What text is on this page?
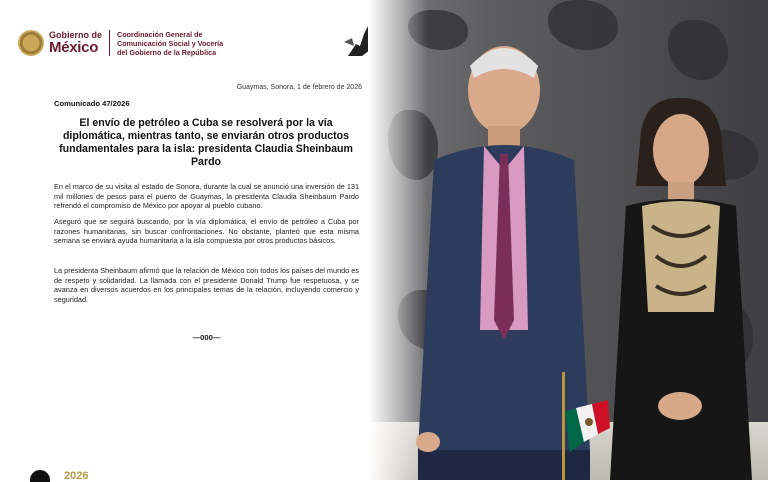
Gobierno de
México
Coordinación General de
Comunicación Social y Vocería
del Gobierno de la República
Guaymas, Sonora, 1 de febrero de 2026
Comunicado 47/2026
El envío de petróleo a Cuba se resolverá por la vía diplomática, mientras tanto, se enviarán otros productos fundamentales para la isla: presidenta Claudia Sheinbaum Pardo
En el marco de su visita al estado de Sonora, durante la cual se anunció una inversión de 131 mil millones de pesos para el puerto de Guaymas, la presidenta Claudia Sheinbaum Pardo refrendó el compromiso de México por apoyar al pueblo cubano.
Aseguró que se seguirá buscando, por la vía diplomática, el envío de petróleo a Cuba por razones humanitarias, sin buscar confrontaciones. No obstante, planteó que esta misma semana se enviará ayuda humanitaria a la isla compuesta por otros productos básicos.
La presidenta Sheinbaum afirmó que la relación de México con todos los países del mundo es de respeto y solidaridad. La llamada con el presidente Donald Trump fue respetuosa, y se avanza en diversos acuerdos en los principales temas de la relación, incluyendo comercio y seguridad.
—000—
2026
